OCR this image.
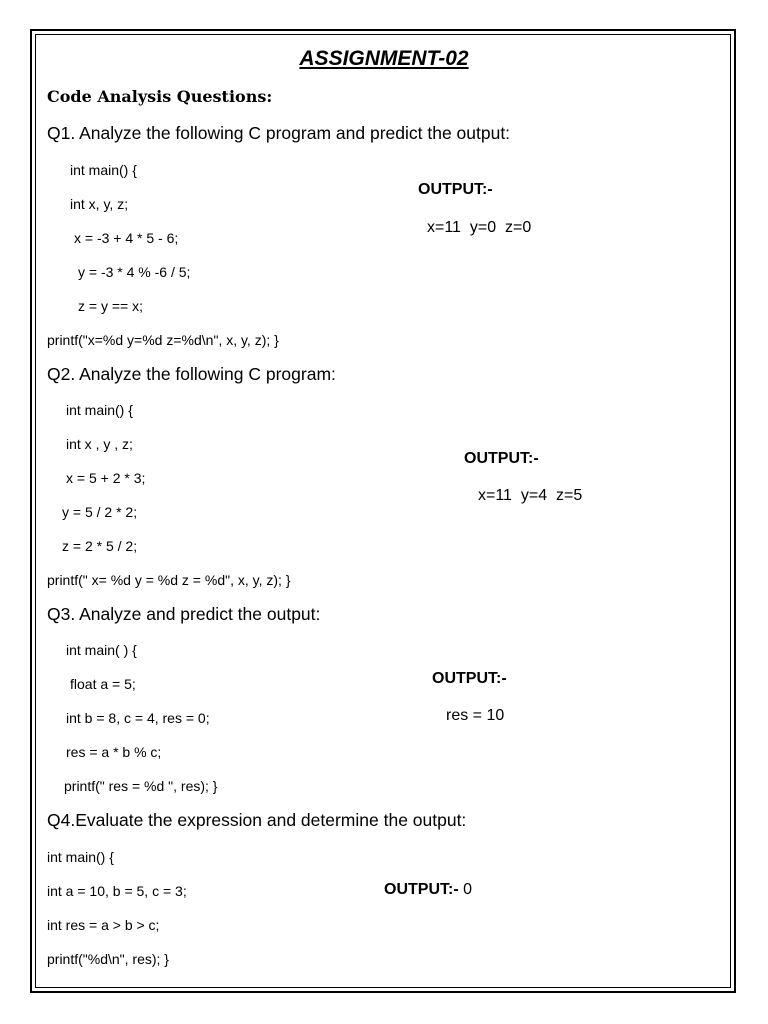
ASSIGNMENT-02
Code Analysis Questions:
Q1. Analyze the following C program and predict the output:
int main() {
int x, y, z;
x = -3 + 4 * 5 - 6;
y = -3 * 4 % -6 / 5;
z = y == x;
printf("x=%d y=%d z=%d\n", x, y, z); }
OUTPUT:-
x=11  y=0  z=0
Q2. Analyze the following C program:
int main() {
int x , y , z;
x = 5 + 2 * 3;
y = 5 / 2 * 2;
z = 2 * 5 / 2;
printf(" x= %d y = %d z = %d", x, y, z); }
OUTPUT:-
x=11  y=4  z=5
Q3. Analyze and predict the output:
int main( ) {
float a = 5;
int b = 8, c = 4, res = 0;
res = a * b % c;
printf(" res = %d ", res); }
OUTPUT:-
res = 10
Q4.Evaluate the expression and determine the output:
int main() {
int a = 10, b = 5, c = 3;
int res = a > b > c;
printf("%d\n", res); }
OUTPUT:- 0
